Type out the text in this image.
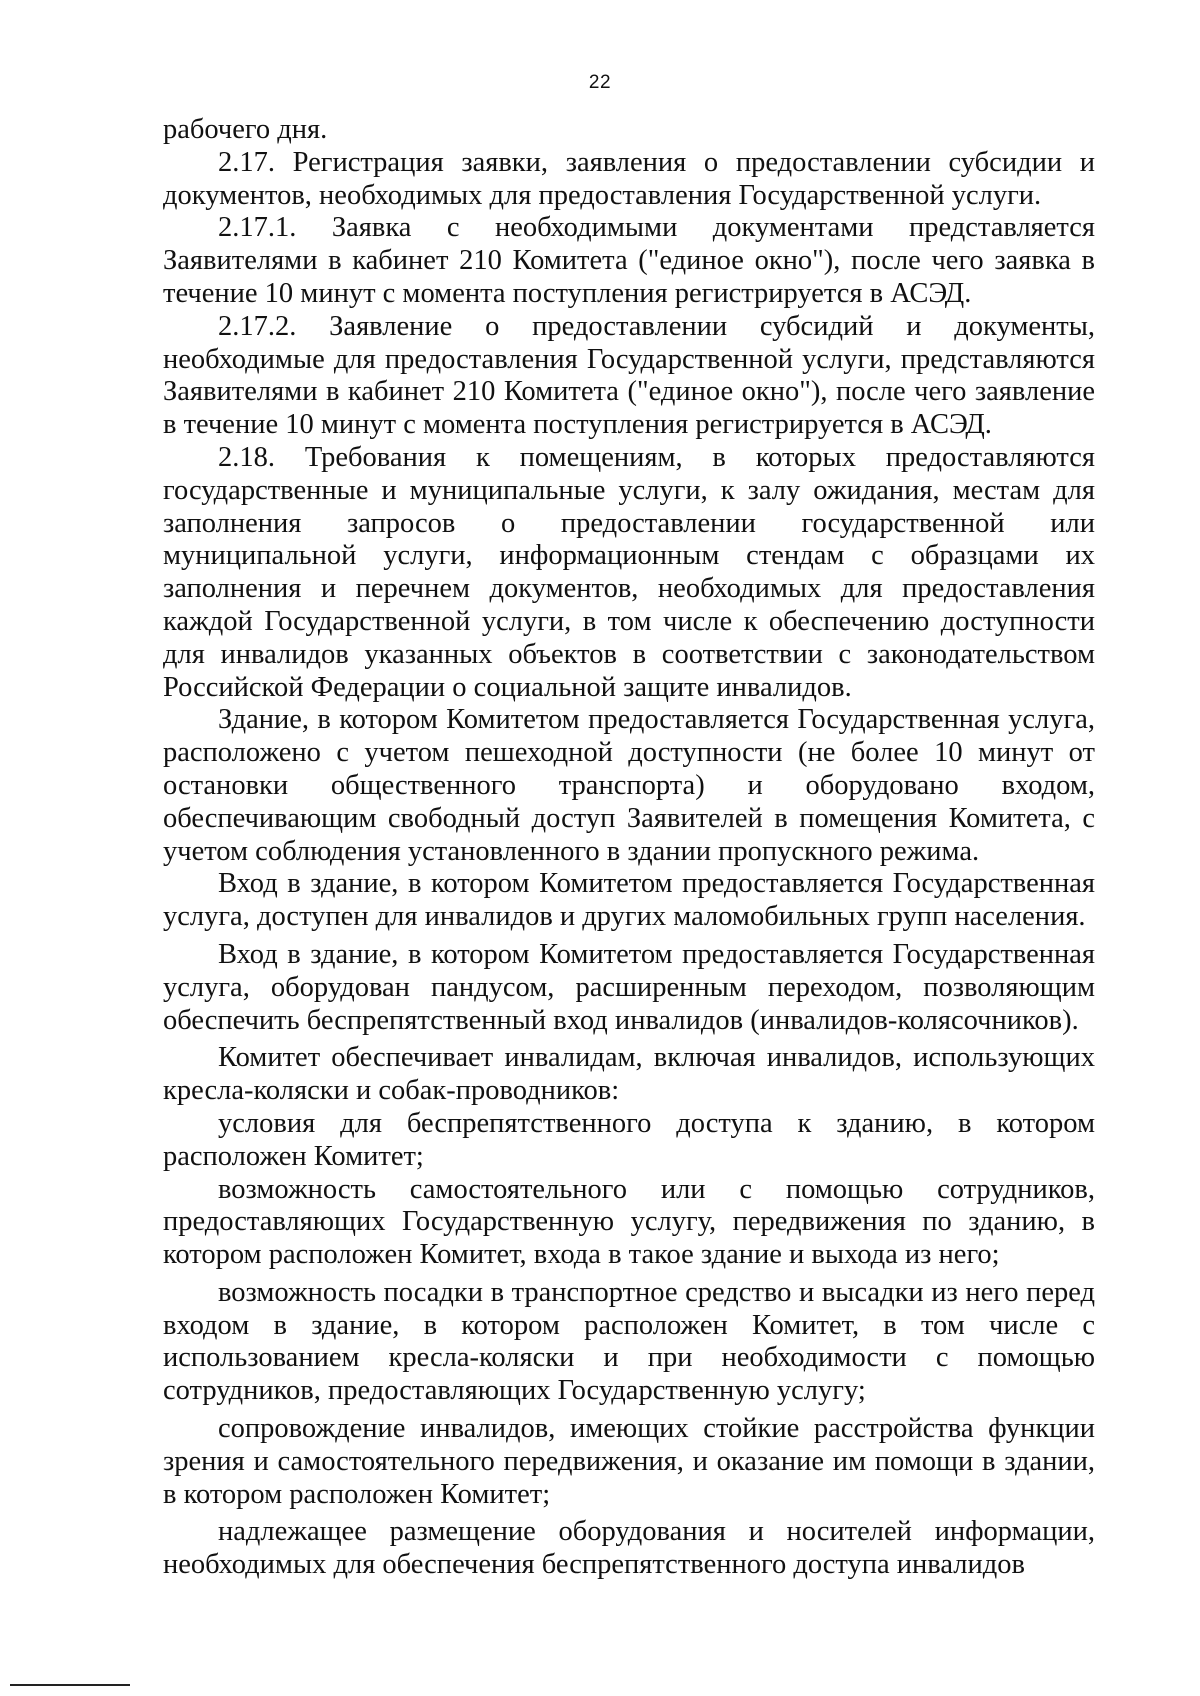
22

рабочего дня.

2.17. Регистрация заявки, заявления о предоставлении субсидии и документов, необходимых для предоставления Государственной услуги.

2.17.1. Заявка с необходимыми документами представляется Заявителями в кабинет 210 Комитета ("единое окно"), после чего заявка в течение 10 минут с момента поступления регистрируется в АСЭД.

2.17.2. Заявление о предоставлении субсидий и документы, необходимые для предоставления Государственной услуги, представляются Заявителями в кабинет 210 Комитета ("единое окно"), после чего заявление в течение 10 минут с момента поступления регистрируется в АСЭД.

2.18. Требования к помещениям, в которых предоставляются государственные и муниципальные услуги, к залу ожидания, местам для заполнения запросов о предоставлении государственной или муниципальной услуги, информационным стендам с образцами их заполнения и перечнем документов, необходимых для предоставления каждой Государственной услуги, в том числе к обеспечению доступности для инвалидов указанных объектов в соответствии с законодательством Российской Федерации о социальной защите инвалидов.

Здание, в котором Комитетом предоставляется Государственная услуга, расположено с учетом пешеходной доступности (не более 10 минут от остановки общественного транспорта) и оборудовано входом, обеспечивающим свободный доступ Заявителей в помещения Комитета, с учетом соблюдения установленного в здании пропускного режима.

Вход в здание, в котором Комитетом предоставляется Государственная услуга, доступен для инвалидов и других маломобильных групп населения.

Вход в здание, в котором Комитетом предоставляется Государственная услуга, оборудован пандусом, расширенным переходом, позволяющим обеспечить беспрепятственный вход инвалидов (инвалидов-колясочников).

Комитет обеспечивает инвалидам, включая инвалидов, использующих кресла-коляски и собак-проводников:

условия для беспрепятственного доступа к зданию, в котором расположен Комитет;

возможность самостоятельного или с помощью сотрудников, предоставляющих Государственную услугу, передвижения по зданию, в котором расположен Комитет, входа в такое здание и выхода из него;

возможность посадки в транспортное средство и высадки из него перед входом в здание, в котором расположен Комитет, в том числе с использованием кресла-коляски и при необходимости с помощью сотрудников, предоставляющих Государственную услугу;

сопровождение инвалидов, имеющих стойкие расстройства функции зрения и самостоятельного передвижения, и оказание им помощи в здании, в котором расположен Комитет;

надлежащее размещение оборудования и носителей информации, необходимых для обеспечения беспрепятственного доступа инвалидов
